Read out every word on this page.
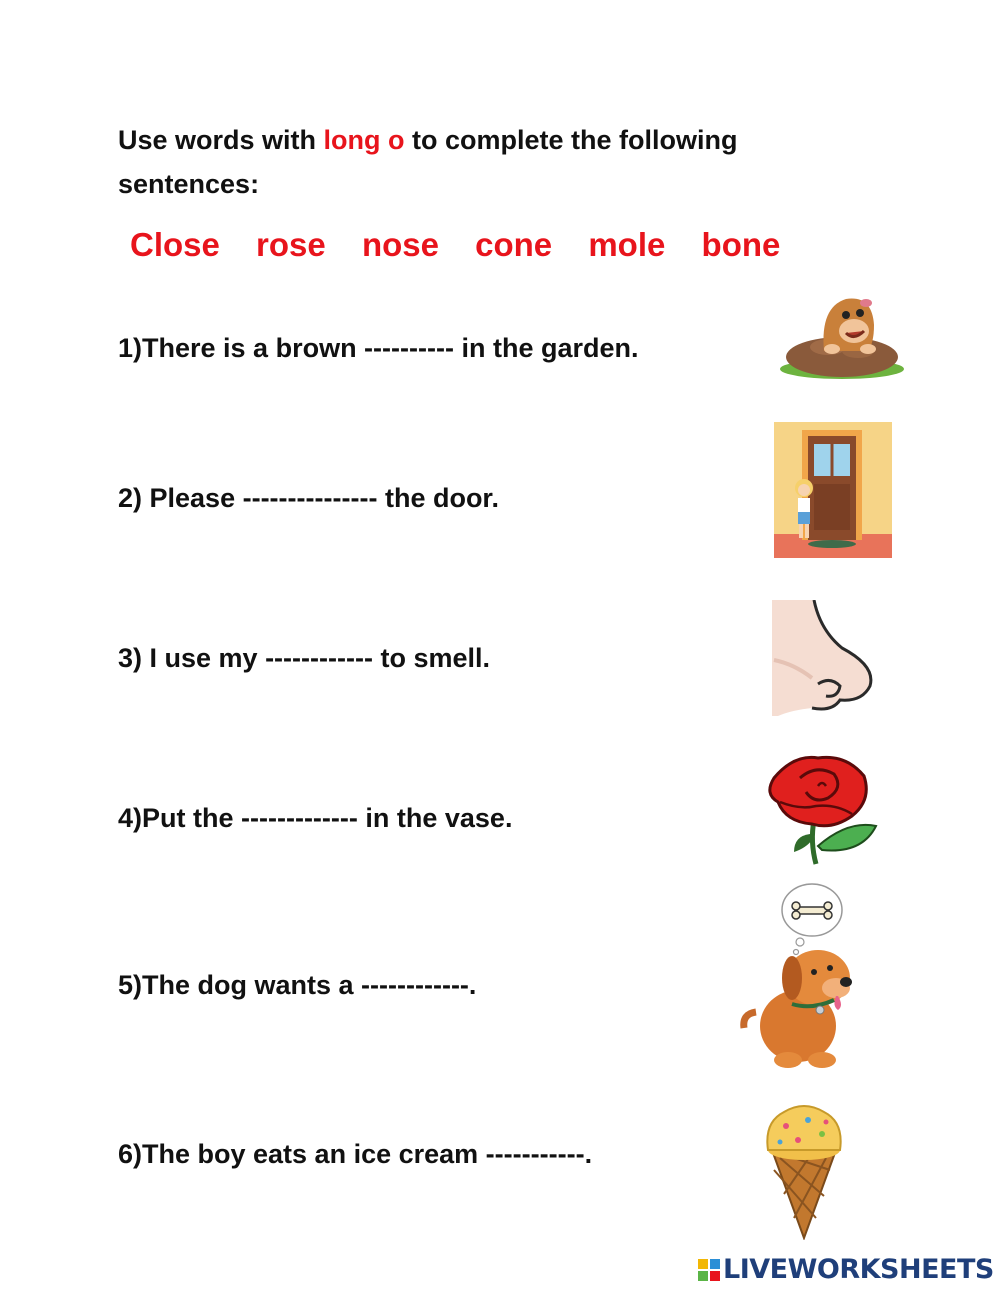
Use words with long o to complete the following sentences:
Close rose nose cone mole bone
1)There is a brown ---------- in the garden.
2) Please --------------- the door.
3) I use my ------------ to smell.
4)Put the ------------- in the vase.
5)The dog wants a ------------.
6)The boy eats an ice cream -----------.
LIVEWORKSHEETS
